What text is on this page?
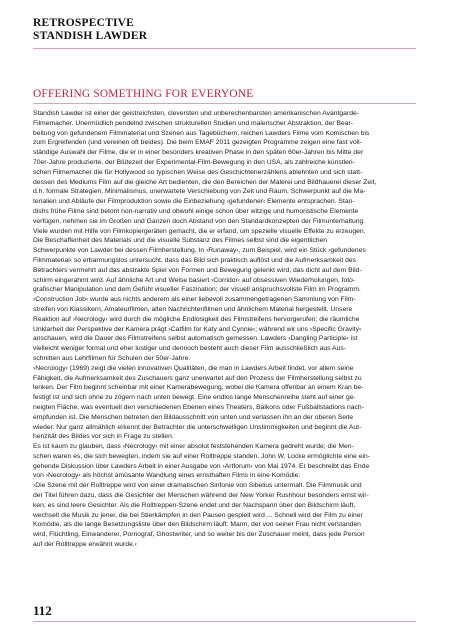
RETROSPECTIVE
STANDISH LAWDER
OFFERING SOMETHING FOR EVERYONE

Standish Lawder ist einer der geistreichsten, cleversten und unberechenbarsten amerikanischen Avantgarde-

Filmemacher. Unermüdlich pendelnd zwischen strukturellen Studien und malerischer Abstraktion, der Bear-

beitung von gefundenem Filmmaterial und Szenen aus Tagebüchern, reichen Lawders Filme vom Komischen bis

zum Ergreifenden (und vereinen oft beides). Die beim EMAF 2011 gezeigten Programme zeigen eine fast voll-

ständige Auswahl der Filme, die er in einer besonders kreativen Phase in den späten 60er-Jahren bis Mitte der

70er-Jahre produzierte, der Blütezeit der Experimental-Film-Bewegung in den USA, als zahlreiche künstleri-

schen Filmemacher die für Hollywood so typischen Weise des Geschichtenerzählens ablehnten und sich statt-

dessen des Mediums Film auf die gleiche Art bedienten, die den Bereichen der Malerei und Bildhauerei dieser Zeit,

d.h. formale Strategien, Minimalismus, unerwartete Verschiebung von Zeit und Raum, Schwerpunkt auf die Ma-

terialien und Abläufe der Filmproduktion sowie die Einbeziehung ›gefundener‹ Elemente entsprachen. Stan-

dishs frühe Filme sind betont non-narrativ und obwohl einige schon über witzige und humoristische Elemente

verfügen, nehmen sie im Großen und Ganzen doch Abstand von den Standardkonzepten der Filmunterhaltung.

Viele wurden mit Hilfe von Filmkopiergeräten gemacht, die er erfand, um spezielle visuelle Effekte zu erzeugen.

Die Beschaffenheit des Materials und die visuelle Substanz des Filmes selbst sind die eigentlichen

Schwerpunkte von Lawder bei dessen Filmherstellung. In ›Runaway‹, zum Beispiel, wird ein Stück ›gefundenes

Filmmaterial‹ so erbarmungslos untersucht, dass das Bild sich praktisch auflöst und die Aufmerksamkeit des

Betrachters vermehrt auf das abstrakte Spiel von Formen und Bewegung gelenkt wird, das dicht auf dem Bild-

schirm eingerahmt wird. Auf ähnliche Art und Weise basiert ›Corridor‹ auf obsessiven Wiederholungen, foto-

grafischer Manipulation und dem Gefühl visueller Faszination; der visuell anspruchsvollste Film im Programm.

›Construction Job‹ wurde aus nichts anderem als einer liebevoll zusammengetragenen Sammlung von Film-

streifen von Klassikern, Amateurfilmen, alten Nachrichtenfilmen und ähnlichem Material hergestellt. Unsere

Reaktion auf ›Necrology‹ wird durch die mögliche Endlosigkeit des Filmstreifens hervorgerufen; die räumliche

Unklarheit der Perspektive der Kamera prägt ›Catfilm for Katy and Cynnie‹; während wir uns ›Specific Gravity‹

anschauen, wird die Dauer des Filmstreifens selbst automatisch gemessen. Lawders ›Dangling Participle‹ ist

vielleicht weniger formal und eher lustiger und dennoch besteht auch dieser Film ausschließlich aus Aus-

schnitten aus Lehrfilmen für Schulen der 50er-Jahre.

›Necrology‹ (1969) zeigt die vielen innovativen Qualitäten, die man in Lawders Arbeit findet, vor allem seine

Fähigkeit, die Aufmerksamkeit des Zuschauers ganz unerwartet auf den Prozess der Filmherstellung selbst zu

lenken. Der Film beginnt scheinbar mit einer Kamerabewegung, wobei die Kamera offenbar an einem Kran be-

festigt ist und sich ohne zu zögern nach unten bewegt. Eine endlos lange Menschenreihe steht auf einer ge-

neigten Fläche, was eventuell den verschiedenen Ebenen eines Theaters, Balkons oder Fußballstadions nach-

empfunden ist. Die Menschen betreten den Bildausschnitt von unten und verlassen ihn an der oberen Seite

wieder. Nur ganz allmählich erkennt der Betrachter die unterschwelligen Unstimmigkeiten und beginnt die Aut-

henzität des Bildes vor sich in Frage zu stellen.

Es ist kaum zu glauben, dass ›Necrology‹ mit einer absolut feststehenden Kamera gedreht wurde; die Men-

schen waren es, die sich bewegten, indem sie auf einer Rolltreppe standen. John W. Locke ermöglichte eine ein-

gehende Diskussion über Lawders Arbeit in einer Ausgabe von ›Artforum‹ von Mai 1974. Er beschreibt das Ende

von ›Necrology‹ als höchst amüsante Wandlung eines ernsthaften Films in eine Komödie:

›Die Szene mit der Rolltreppe wird von einer dramatischen Sinfonie von Sibelius untermalt. Die Filmmusik und

der Titel führen dazu, dass die Gesichter der Menschen während der New Yorker Rushhour besonders ernst wir-

ken; es sind leere Gesichter. Als die Rolltreppen-Szene endet und der Nachspann über den Bildschirm läuft,

wechselt die Musik zu jener, die bei Stierkämpfen in den Pausen gespielt wird ... Schnell wird der Film zu einer

Komödie, als die lange Besetzungsliste über den Bildschirm läuft: Mann, der von seiner Frau nicht verstanden

wird, Flüchtling, Einwanderer, Pornograf, Ghostwriter, und so weiter bis der Zuschauer meint, dass jede Person

auf der Rolltreppe erwähnt wurde.‹

112
